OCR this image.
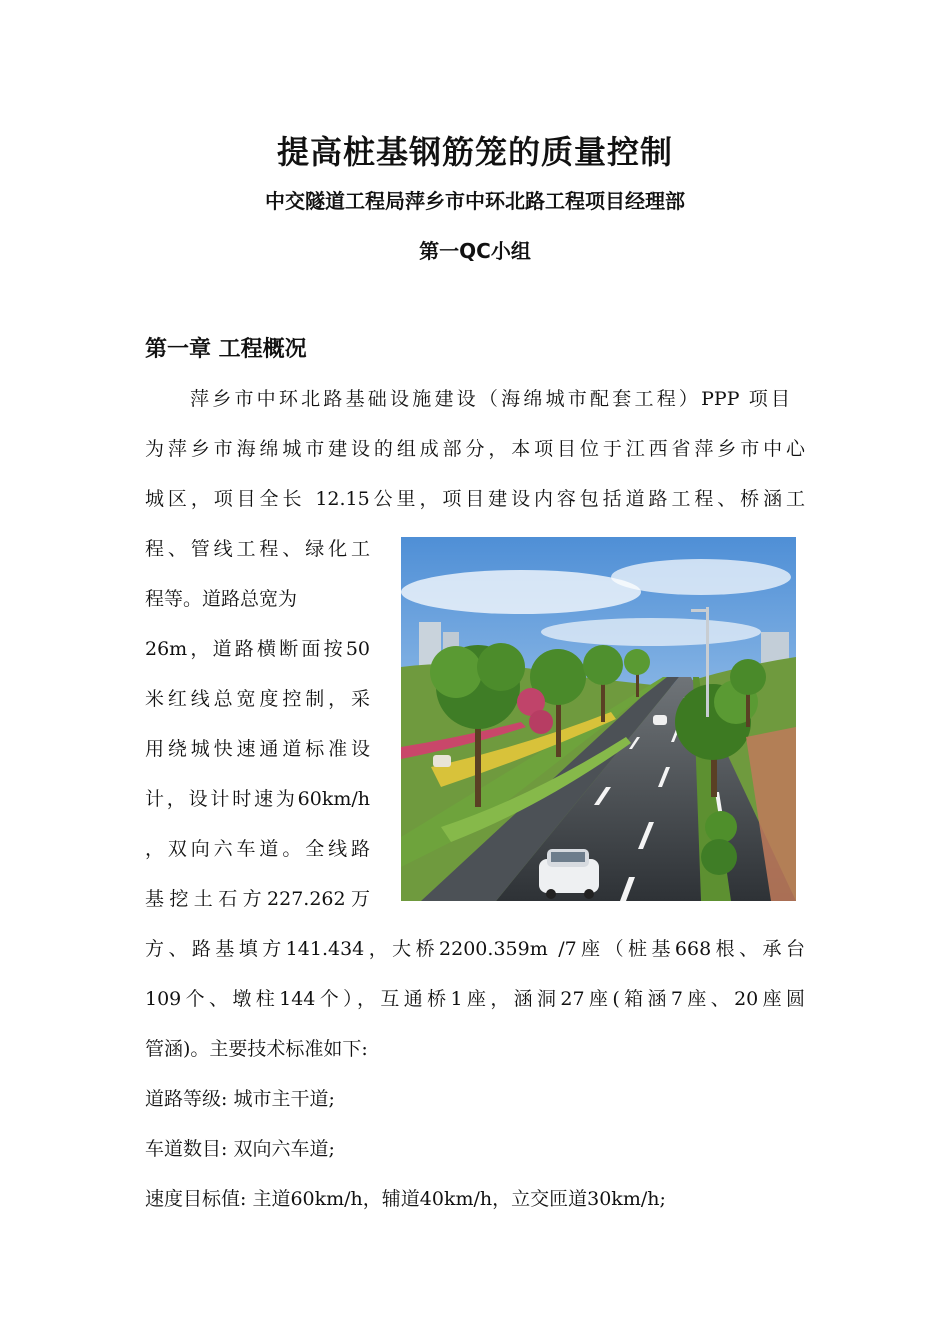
提高桩基钢筋笼的质量控制
中交隧道工程局萍乡市中环北路工程项目经理部
第一QC小组
第一章 工程概况
萍乡市中环北路基础设施建设（海绵城市配套工程）PPP 项目
为萍乡市海绵城市建设的组成部分，本项目位于江西省萍乡市中心
城区，项目全长 12.15公里，项目建设内容包括道路工程、桥涵工
程、管线工程、绿化工
程等。道路总宽为
26m，道路横断面按50
米红线总宽度控制，采
用绕城快速通道标准设
计，设计时速为60km/h
，双向六车道。全线路
基挖土石方227.262万
方、路基填方141.434，大桥2200.359m /7座（桩基668根、承台
109个、墩柱144个），互通桥1座，涵洞27座(箱涵7座、20座圆
管涵)。主要技术标准如下:
道路等级: 城市主干道;
车道数目: 双向六车道;
速度目标值: 主道60km/h，辅道40km/h，立交匝道30km/h;
